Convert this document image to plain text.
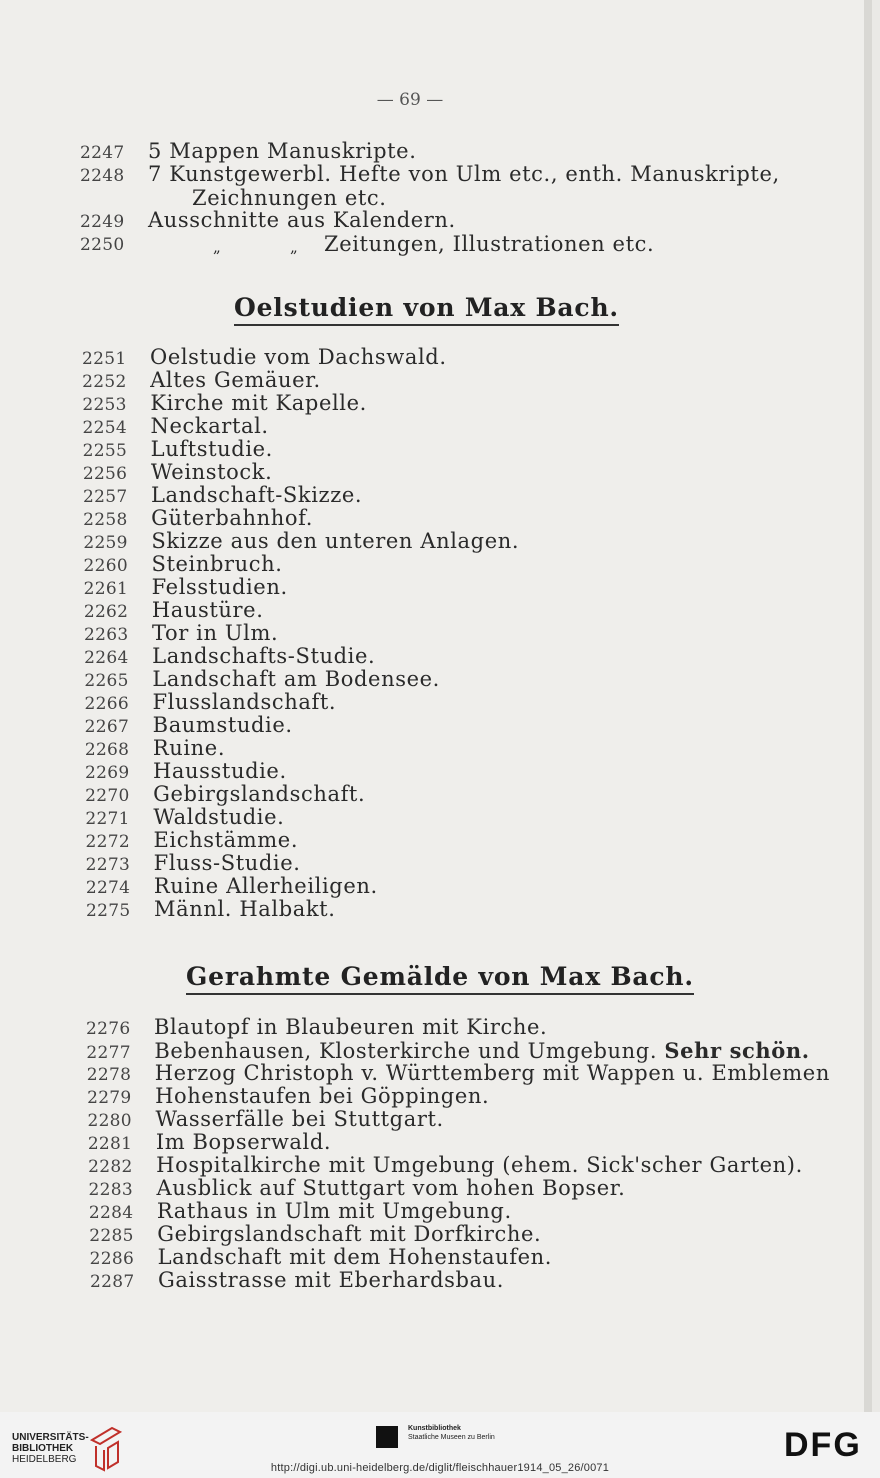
— 69 —
2247 5 Mappen Manuskripte.
2248 7 Kunstgewerbl. Hefte von Ulm etc., enth. Manuskripte,
Zeichnungen etc.
2249 Ausschnitte aus Kalendern.
2250	„	„ Zeitungen, Illustrationen etc.
Oelstudien von Max Bach.
2251 Oelstudie vom Dachswald.
2252 Altes Gemäuer.
2253 Kirche mit Kapelle.
2254 Neckartal.
2255 Luftstudie.
2256 Weinstock.
2257 Landschaft-Skizze.
2258 Güterbahnhof.
2259 Skizze aus den unteren Anlagen.
2260 Steinbruch.
2261 Felsstudien.
2262 Haustüre.
2263 Tor in Ulm.
2264 Landschafts-Studie.
2265 Landschaft am Bodensee.
2266 Flusslandschaft.
2267 Baumstudie.
2268 Ruine.
2269 Hausstudie.
2270 Gebirgslandschaft.
2271 Waldstudie.
2272 Eichstämme.
2273 Fluss-Studie.
2274 Ruine Allerheiligen.
2275 Männl. Halbakt.
Gerahmte Gemälde von Max Bach.
2276 Blautopf in Blaubeuren mit Kirche.
2277 Bebenhausen, Klosterkirche und Umgebung. Sehr schön.
2278 Herzog Christoph v. Württemberg mit Wappen u. Emblemen
2279 Hohenstaufen bei Göppingen.
2280 Wasserfälle bei Stuttgart.
2281 Im Bopserwald.
2282 Hospitalkirche mit Umgebung (ehem. Sick'scher Garten).
2283 Ausblick auf Stuttgart vom hohen Bopser.
2284 Rathaus in Ulm mit Umgebung.
2285 Gebirgslandschaft mit Dorfkirche.
2286 Landschaft mit dem Hohenstaufen.
2287 Gaisstrasse mit Eberhardsbau.
UNIVERSITÄTS-
BIBLIOTHEK
HEIDELBERG
Kunstbibliothek
Staatliche Museen zu Berlin	DFG
http://digi.ub.uni-heidelberg.de/diglit/fleischhauer1914_05_26/0071
